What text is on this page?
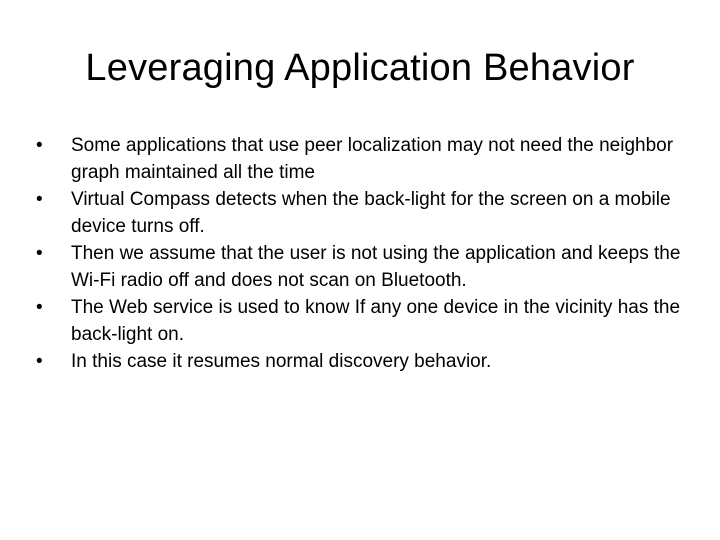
Leveraging Application Behavior
•	Some applications that use peer localization may not need the neighbor graph maintained all the time
•	Virtual Compass detects when the back-light for the screen on a mobile device turns off.
•	Then we assume that the user is not using the application and keeps the Wi-Fi radio off and does not scan on Bluetooth.
•	The Web service is used to know If any one device in the vicinity has the back-light on.
•	In this case it resumes normal discovery behavior.
